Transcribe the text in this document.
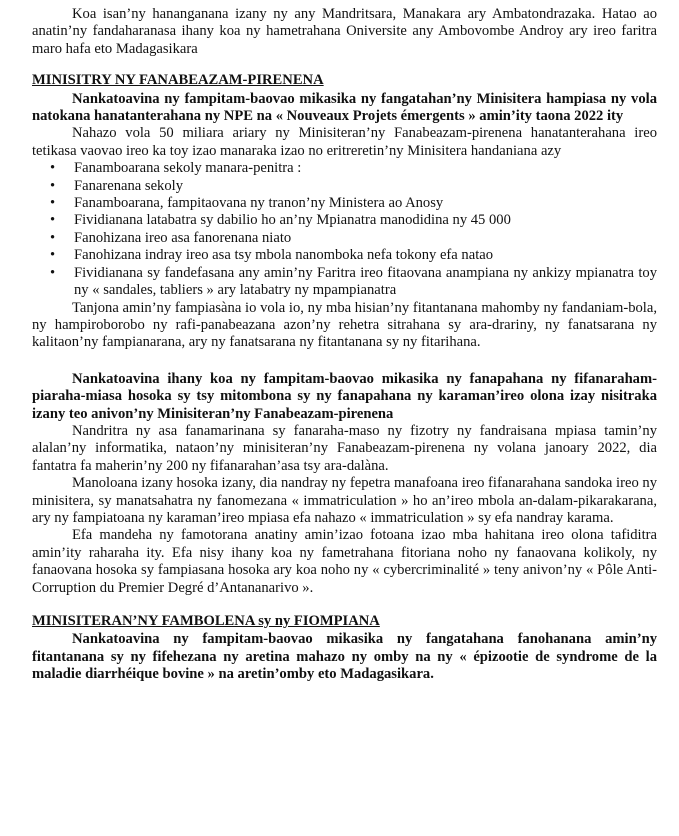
Koa isan’ny hananganana izany ny any Mandritsara, Manakara ary Ambatondrazaka. Hatao ao anatin’ny fandaharanasa ihany koa ny hametrahana Oniversite any Ambovombe Androy ary ireo faritra maro hafa eto Madagasikara

MINISITRY NY FANABEAZAM-PIRENENA

Nankatoavina ny fampitam-baovao mikasika ny fangatahan’ny Minisitera hampiasa ny vola natokana hanatanterahana ny NPE na « Nouveaux Projets émergents » amin’ity taona 2022 ity

Nahazo vola 50 miliara ariary ny Minisiteran’ny Fanabeazam-pirenena hanatanterahana ireo tetikasa vaovao ireo ka toy izao manaraka izao no eritreretin’ny Minisitera handaniana azy

• Fanamboarana sekoly manara-penitra :
• Fanarenana sekoly
• Fanamboarana, fampitaovana ny tranon’ny Ministera ao Anosy
• Fividianana latabatra sy dabilio ho an’ny Mpianatra manodidina ny 45 000
• Fanohizana ireo asa fanorenana niato
• Fanohizana indray ireo asa tsy mbola nanomboka nefa tokony efa natao
• Fividianana sy fandefasana any amin’ny Faritra ireo fitaovana anampiana ny ankizy mpianatra toy ny « sandales, tabliers » ary latabatry ny mpampianatra

Tanjona amin’ny fampiasàna io vola io, ny mba hisian’ny fitantanana mahomby ny fandaniam-bola, ny hampiroborobo ny rafi-panabeazana azon’ny rehetra sitrahana sy ara-drariny, ny fanatsarana ny kalitaon’ny fampianarana, ary ny fanatsarana ny fitantanana sy ny fitarihana.

Nankatoavina ihany koa ny fampitam-baovao mikasika ny fanapahana ny fifanaraham-piaraha-miasa hosoka sy tsy mitombona sy ny fanapahana ny karaman’ireo olona izay nisitraka izany teo anivon’ny Minisiteran’ny Fanabeazam-pirenena

Nandritra ny asa fanamarinana sy fanaraha-maso ny fizotry ny fandraisana mpiasa tamin’ny alalan’ny informatika, nataon’ny minisiteran’ny Fanabeazam-pirenena ny volana janoary 2022, dia fantatra fa maherin’ny 200 ny fifanarahan’asa tsy ara-dalàna.

Manoloana izany hosoka izany, dia nandray ny fepetra manafoana ireo fifanarahana sandoka ireo ny minisitera, sy manatsahatra ny fanomezana « immatriculation » ho an’ireo mbola an-dalam-pikarakarana, ary ny fampiatoana ny karaman’ireo mpiasa efa nahazo « immatriculation » sy efa nandray karama.

Efa mandeha ny famotorana anatiny amin’izao fotoana izao mba hahitana ireo olona tafiditra amin’ity raharaha ity. Efa nisy ihany koa ny fametrahana fitoriana noho ny fanaovana kolikoly, ny fanaovana hosoka sy fampiasana hosoka ary koa noho ny « cybercriminalité » teny anivon’ny « Pôle Anti-Corruption du Premier Degré d’Antananarivo ».

MINISITERAN’NY FAMBOLENA sy ny FIOMPIANA

Nankatoavina ny fampitam-baovao mikasika ny fangatahana fanohanana amin’ny fitantanana sy ny fifehezana ny aretina mahazo ny omby na ny « épizootie de syndrome de la maladie diarrhéique bovine » na aretin’omby eto Madagasikara.
